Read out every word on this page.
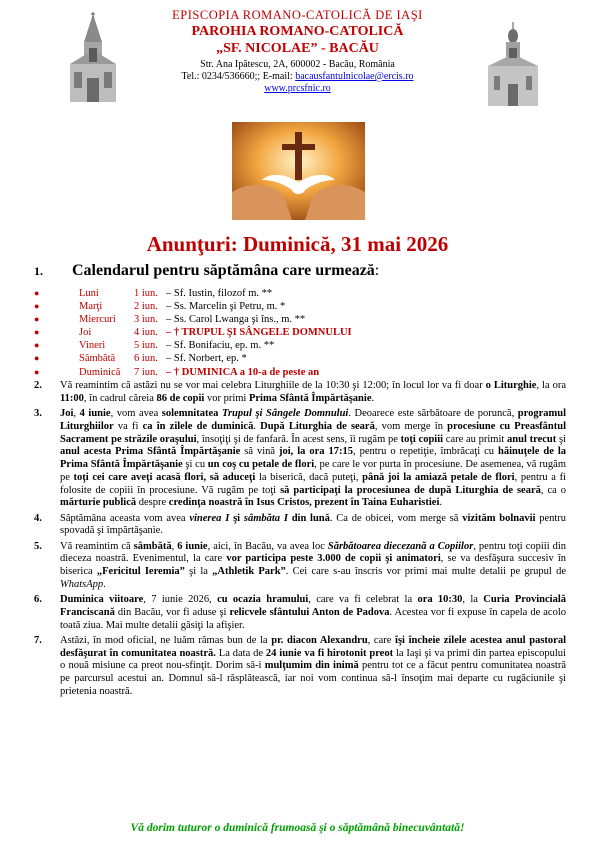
EPISCOPIA ROMANO-CATOLICĂ DE IAŞI
PAROHIA ROMANO-CATOLICĂ
„SF. NICOLAE” - BACĂU
Str. Ana Ipătescu, 2A, 600002 - Bacău, România
Tel.: 0234/536660;; E-mail: bacausfantulnicolae@ercis.ro
www.prcsfnic.ro
Anunţuri: Duminică, 31 mai 2026
1. Calendarul pentru săptămâna care urmează:
●	Luni	1 iun. – Sf. Iustin, filozof m. **
●	Marţi	2 iun. – Ss. Marcelin şi Petru, m. *
●	Miercuri 3 iun. – Ss. Carol Lwanga şi îns., m. **
●	Joi	4 iun. – † TRUPUL ŞI SÂNGELE DOMNULUI
●	Vineri	5 iun. – Sf. Bonifaciu, ep. m. **
●	Sâmbătă 6 iun. – Sf. Norbert, ep. *
●	Duminică 7 iun. – † DUMINICA a 10-a de peste an
2. Vă reamintim că astăzi nu se vor mai celebra Liturghiile de la 10:30 şi 12:00; în locul lor va fi doar o Liturghie, la ora 11:00, în cadrul căreia 86 de copii vor primi Prima Sfântă Împărtăşanie.
3. Joi, 4 iunie, vom avea solemnitatea Trupul şi Sângele Domnului. Deoarece este sărbătoare de poruncă, programul Liturghiilor va fi ca în zilele de duminică. După Liturghia de seară, vom merge în procesiune cu Preasfântul Sacrament pe străzile oraşului, însoţiţi şi de fanfară. În acest sens, îi rugăm pe toţi copiii care au primit anul trecut şi anul acesta Prima Sfântă Împărtăşanie să vină joi, la ora 17:15, pentru o repetiţie, îmbrăcaţi cu hăinuţele de la Prima Sfântă Împărtăşanie şi cu un coş cu petale de flori, pe care le vor purta în procesiune. De asemenea, vă rugăm pe toţi cei care aveţi acasă flori, să aduceţi la biserică, dacă puteţi, până joi la amiază petale de flori, pentru a fi folosite de copiii în procesiune. Vă rugăm pe toţi să participaţi la procesiunea de după Liturghia de seară, ca o mărturie publică despre credinţa noastră în Isus Cristos, prezent în Taina Euharistiei.
4. Săptămâna aceasta vom avea vinerea I şi sâmbăta I din lună. Ca de obicei, vom merge să vizităm bolnavii pentru spovadă şi împărtăşanie.
5. Vă reamintim că sâmbătă, 6 iunie, aici, în Bacău, va avea loc Sărbătoarea diecezană a Copiilor, pentru toţi copiii din dieceza noastră. Evenimentul, la care vor participa peste 3.000 de copii şi animatori, se va desfăşura succesiv în biserica „Fericitul Ieremia” şi la „Athletik Park”. Cei care s-au înscris vor primi mai multe detalii pe grupul de WhatsApp.
6. Duminica viitoare, 7 iunie 2026, cu ocazia hramului, care va fi celebrat la ora 10:30, la Curia Provincială Franciscană din Bacău, vor fi aduse şi relicvele sfântului Anton de Padova. Acestea vor fi expuse în capela de acolo toată ziua. Mai multe detalii găsiţi la afişier.
7. Astăzi, în mod oficial, ne luăm rămas bun de la pr. diacon Alexandru, care îşi încheie zilele acestea anul pastoral desfăşurat în comunitatea noastră. La data de 24 iunie va fi hirotonit preot la Iaşi şi va primi din partea episcopului o nouă misiune ca preot nou-sfinţit. Dorim să-i mulţumim din inimă pentru tot ce a făcut pentru comunitatea noastră pe parcursul acestui an. Domnul să-l răsplătească, iar noi vom continua să-l însoţim mai departe cu rugăciunile şi prietenia noastră.
Vă dorim tuturor o duminică frumoasă şi o săptămână binecuvântată!
